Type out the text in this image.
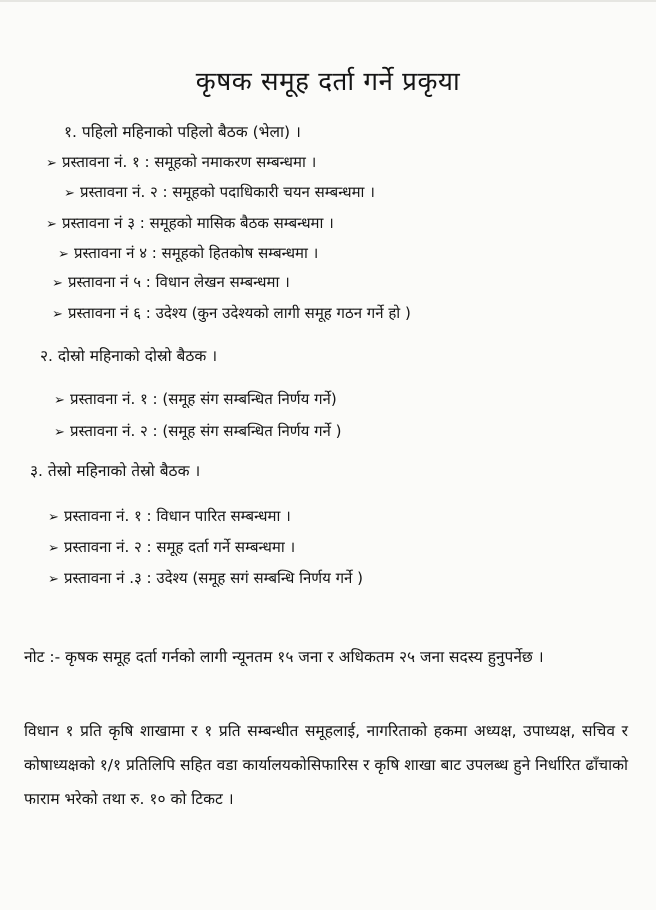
कृषक समूह दर्ता गर्ने प्रकृया
१. पहिलो महिनाको पहिलो बैठक (भेला) ।
➢ प्रस्तावना नं. १ : समूहको नमाकरण सम्बन्धमा ।
➢ प्रस्तावना नं. २ : समूहको पदाधिकारी चयन सम्बन्धमा ।
➢ प्रस्तावना नं ३ : समूहको मासिक बैठक सम्बन्धमा ।
➢ प्रस्तावना नं ४ : समूहको हितकोष सम्बन्धमा ।
➢ प्रस्तावना नं ५ : विधान लेखन सम्बन्धमा ।
➢ प्रस्तावना नं ६ : उदेश्य (कुन उदेश्यको लागी समूह गठन गर्ने हो )
२. दोस्रो महिनाको दोस्रो बैठक ।
➢ प्रस्तावना नं. १ : (समूह संग सम्बन्धित निर्णय गर्ने)
➢ प्रस्तावना नं. २ : (समूह संग सम्बन्धित निर्णय गर्ने )
३. तेस्रो महिनाको तेस्रो बैठक ।
➢ प्रस्तावना नं. १ : विधान पारित सम्बन्धमा ।
➢ प्रस्तावना नं. २ : समूह दर्ता गर्ने सम्बन्धमा ।
➢ प्रस्तावना नं .३ : उदेश्य (समूह सगं सम्बन्धि निर्णय गर्ने )
नोट :- कृषक समूह दर्ता गर्नको लागी न्यूनतम १५ जना र अधिकतम २५ जना सदस्य हुनुपर्नेछ ।
विधान १ प्रति कृषि शाखामा र १ प्रति सम्बन्धीत समूहलाई, नागरिताको हकमा अध्यक्ष, उपाध्यक्ष, सचिव र कोषाध्यक्षको १/१ प्रतिलिपि सहित वडा कार्यालयकोसिफारिस र कृषि शाखा बाट उपलब्ध हुने निर्धारित ढाँचाको फाराम भरेको तथा रु. १० को टिकट ।
